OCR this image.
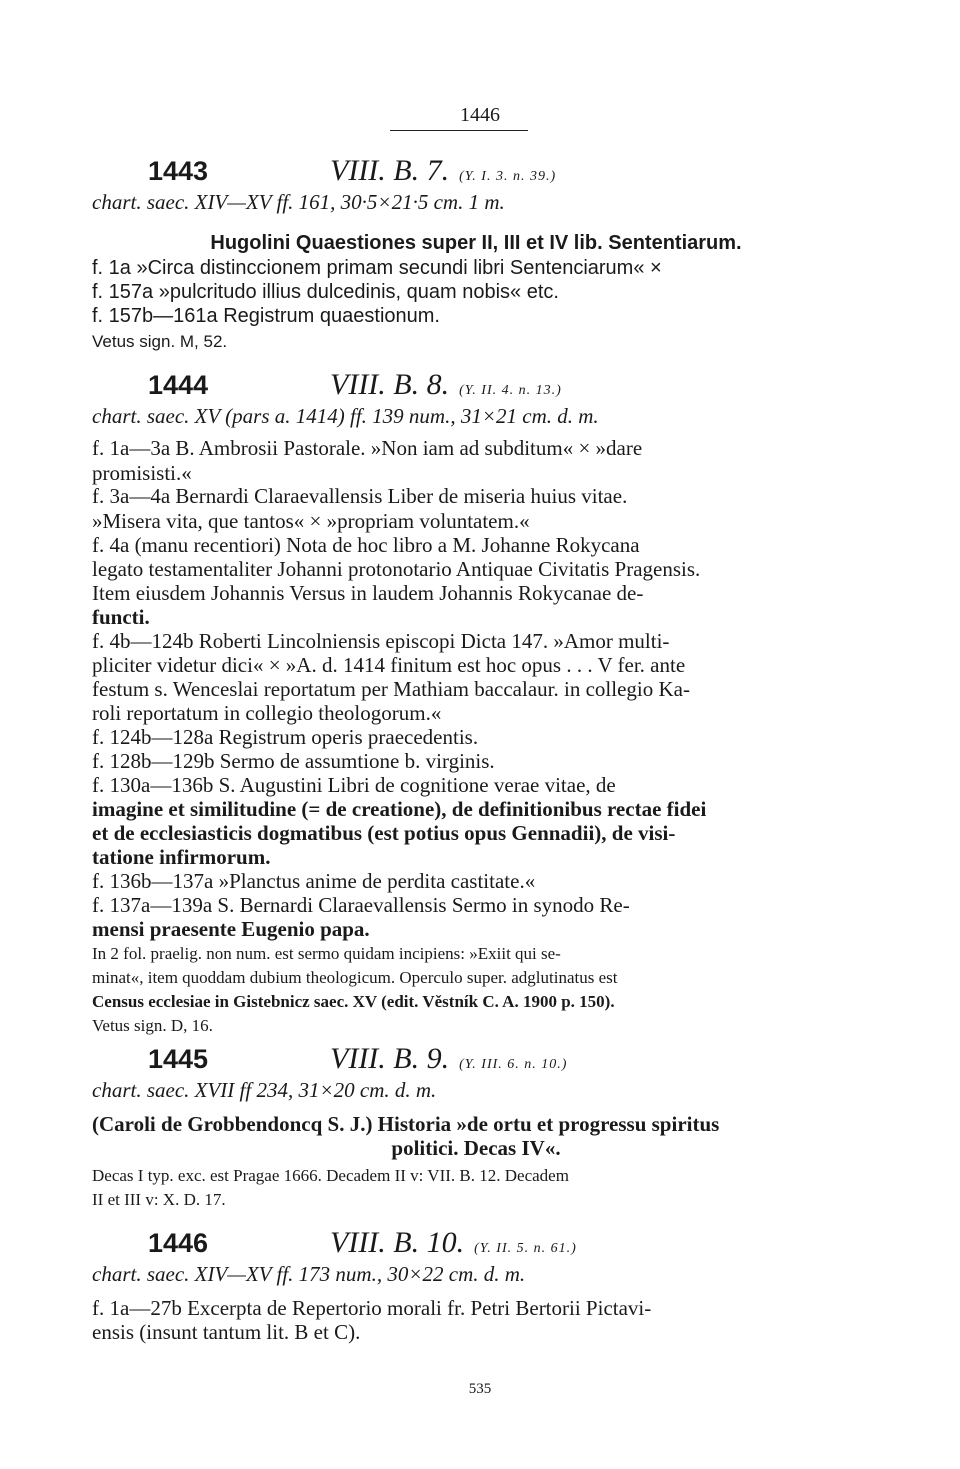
1446
1443	VIII. B. 7. (Y. I. 3. n. 39.)
chart. saec. XIV—XV ff. 161, 30·5×21·5 cm. 1 m.
Hugolini Quaestiones super II, III et IV lib. Sententiarum.
f. 1a »Circa distinccionem primam secundi libri Sentenciarum« ×
f. 157a »pulcritudo illius dulcedinis, quam nobis« etc.
f. 157b—161a Registrum quaestionum.
Vetus sign. M, 52.
1444	VIII. B. 8. (Y. II. 4. n. 13.)
chart. saec. XV (pars a. 1414) ff. 139 num., 31×21 cm. d. m.
f. 1a—3a B. Ambrosii Pastorale. »Non iam ad subditum« × »dare
promisisti.«
f. 3a—4a Bernardi Claraevallensis Liber de miseria huius vitae.
»Misera vita, que tantos« × »propriam voluntatem.«
f. 4a (manu recentiori) Nota de hoc libro a M. Johanne Rokycana
legato testamentaliter Johanni protonotario Antiquae Civitatis Pragensis.
Item eiusdem Johannis Versus in laudem Johannis Rokycanae de-
functi.
f. 4b—124b Roberti Lincolniensis episcopi Dicta 147. »Amor multi-
pliciter videtur dici« × »A. d. 1414 finitum est hoc opus . . . V fer. ante
festum s. Wenceslai reportatum per Mathiam baccalaur. in collegio Ka-
roli reportatum in collegio theologorum.«
f. 124b—128a Registrum operis praecedentis.
f. 128b—129b Sermo de assumtione b. virginis.
f. 130a—136b S. Augustini Libri de cognitione verae vitae, de
imagine et similitudine (= de creatione), de definitionibus rectae fidei
et de ecclesiasticis dogmatibus (est potius opus Gennadii), de visi-
tatione infirmorum.
f. 136b—137a »Planctus anime de perdita castitate.«
f. 137a—139a S. Bernardi Claraevallensis Sermo in synodo Re-
mensi praesente Eugenio papa.
In 2 fol. praelig. non num. est sermo quidam incipiens: »Exiit qui se-
minat«, item quoddam dubium theologicum. Operculo super. adglutinatus est
Census ecclesiae in Gistebnicz saec. XV (edit. Věstník C. A. 1900 p. 150).
Vetus sign. D, 16.
1445	VIII. B. 9. (Y. III. 6. n. 10.)
chart. saec. XVII ff 234, 31×20 cm. d. m.
(Caroli de Grobbendoncq S. J.) Historia »de ortu et progressu spiritus
politici. Decas IV«.
Decas I typ. exc. est Pragae 1666. Decadem II v: VII. B. 12. Decadem
II et III v: X. D. 17.
1446	VIII. B. 10. (Y. II. 5. n. 61.)
chart. saec. XIV—XV ff. 173 num., 30×22 cm. d. m.
f. 1a—27b Excerpta de Repertorio morali fr. Petri Bertorii Pictavi-
ensis (insunt tantum lit. B et C).
535
